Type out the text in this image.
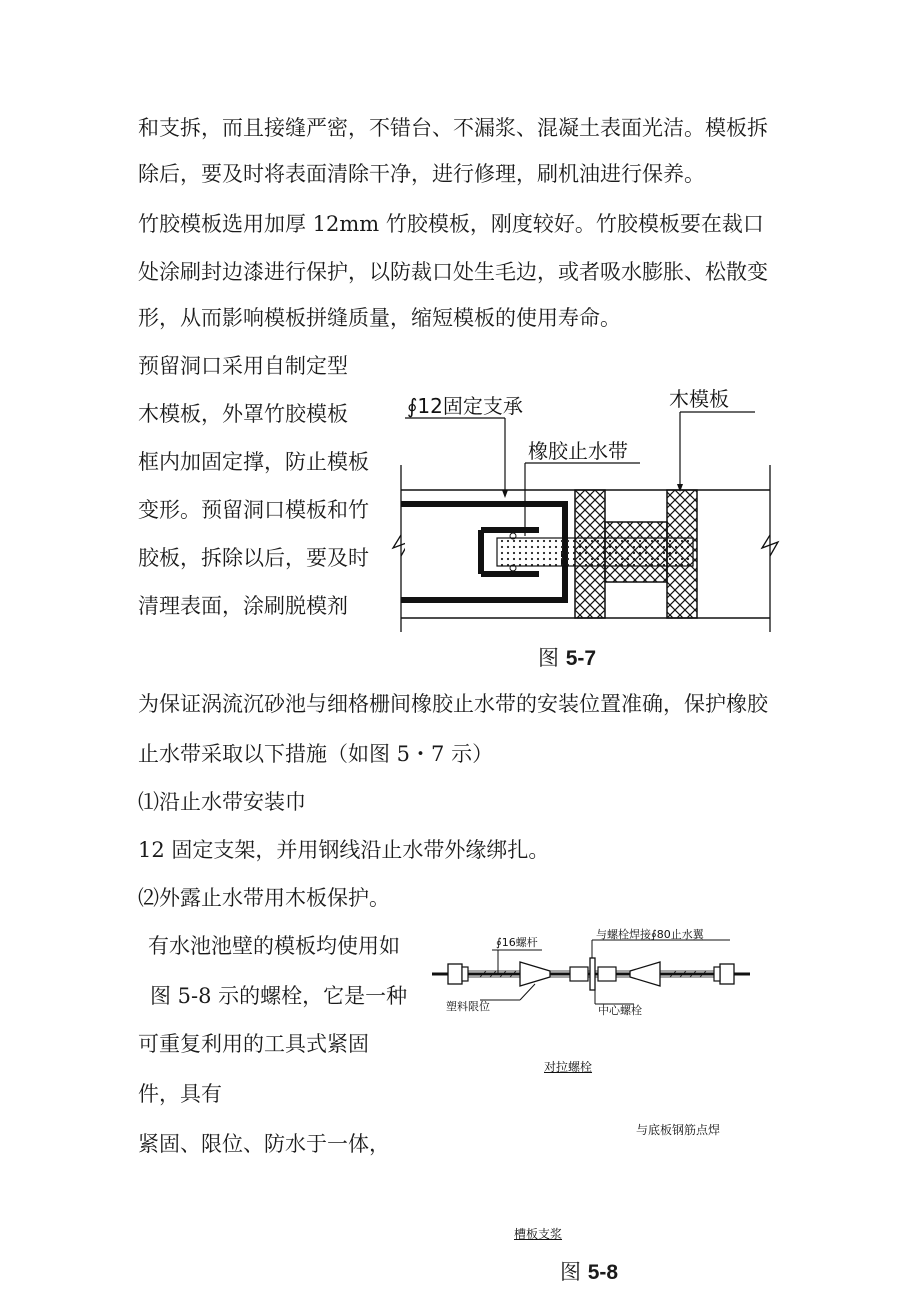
和支拆，而且接缝严密，不错台、不漏浆、混凝土表面光洁。模板拆
除后，要及时将表面清除干净，进行修理，刷机油进行保养。
竹胶模板选用加厚 12mm 竹胶模板，刚度较好。竹胶模板要在裁口
处涂刷封边漆进行保护，以防裁口处生毛边，或者吸水膨胀、松散变
形，从而影响模板拼缝质量，缩短模板的使用寿命。
预留洞口采用自制定型
木模板，外罩竹胶模板
框内加固定撑，防止模板
变形。预留洞口模板和竹
胶板，拆除以后，要及时
清理表面，涂刷脱模剂
∮12固定支承
橡胶止水带
木模板
图 5-7
为保证涡流沉砂池与细格栅间橡胶止水带的安装位置准确，保护橡胶
止水带采取以下措施（如图 5・7 示）
⑴沿止水带安装巾
12 固定支架，并用钢线沿止水带外缘绑扎。
⑵外露止水带用木板保护。
有水池池壁的模板均使用如
图 5-8 示的螺栓，它是一种
可重复利用的工具式紧固
件，具有
紧固、限位、防水于一体，
∮16螺杆
与螺栓焊接∮80止水翼
塑料限位	中心螺栓
对拉螺栓
与底板钢筋点焊
槽板支浆
图 5-8
